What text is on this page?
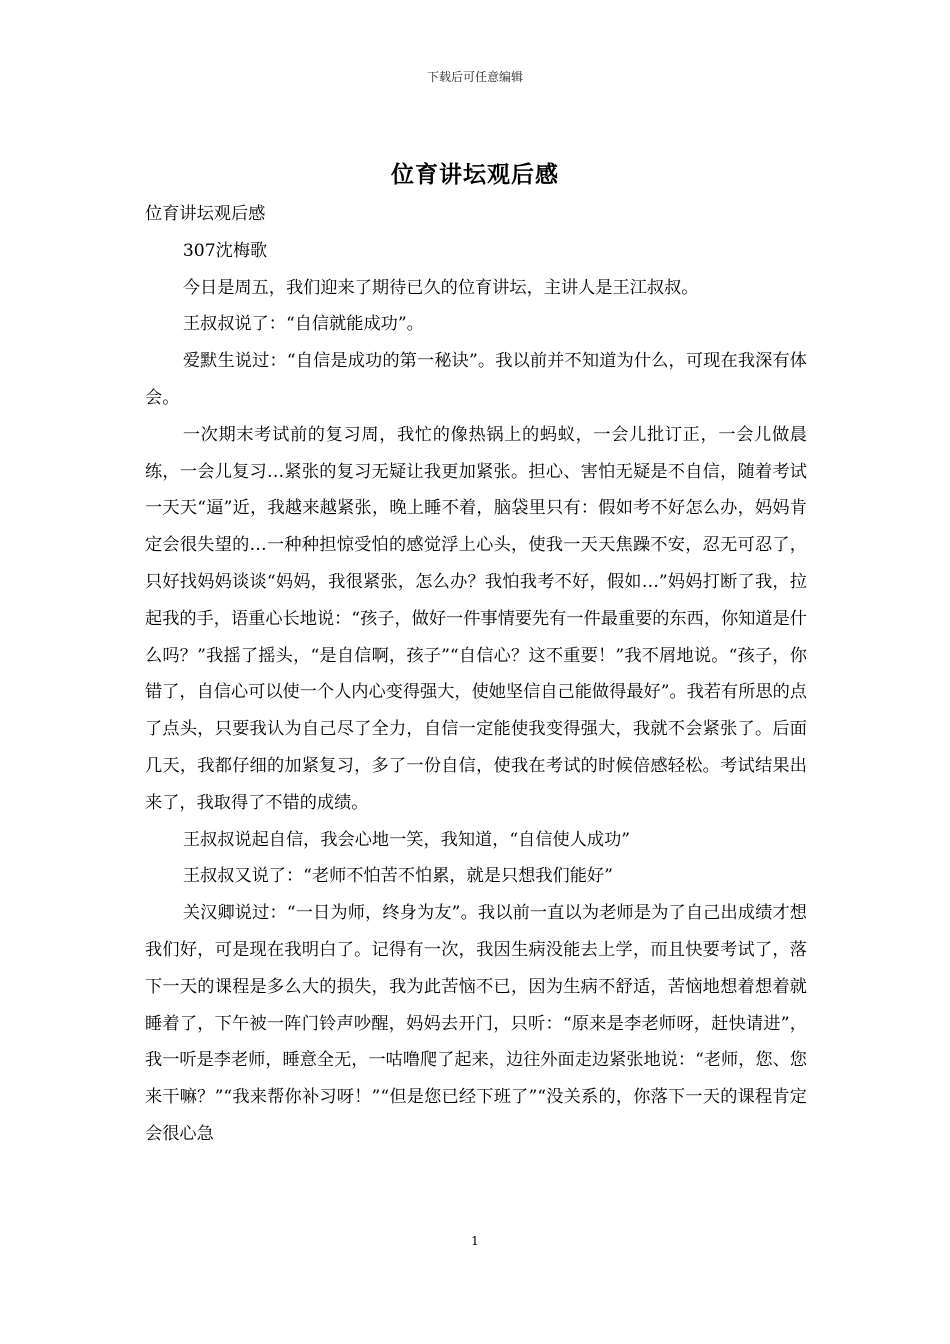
下载后可任意编辑
位育讲坛观后感

位育讲坛观后感

307沈梅歌

今日是周五，我们迎来了期待已久的位育讲坛，主讲人是王江叔叔。

王叔叔说了：“自信就能成功”。

爱默生说过：“自信是成功的第一秘诀”。我以前并不知道为什么，可现在我深有体会。

一次期末考试前的复习周，我忙的像热锅上的蚂蚁，一会儿批订正，一会儿做晨练，一会儿复习…紧张的复习无疑让我更加紧张。担心、害怕无疑是不自信，随着考试一天天“逼”近，我越来越紧张，晚上睡不着，脑袋里只有：假如考不好怎么办，妈妈肯定会很失望的…一种种担惊受怕的感觉浮上心头，使我一天天焦躁不安，忍无可忍了，只好找妈妈谈谈“妈妈，我很紧张，怎么办？我怕我考不好，假如…”妈妈打断了我，拉起我的手，语重心长地说：“孩子，做好一件事情要先有一件最重要的东西，你知道是什么吗？”我摇了摇头，“是自信啊，孩子”“自信心？这不重要！”我不屑地说。“孩子，你错了，自信心可以使一个人内心变得强大，使她坚信自己能做得最好”。我若有所思的点了点头，只要我认为自己尽了全力，自信一定能使我变得强大，我就不会紧张了。后面几天，我都仔细的加紧复习，多了一份自信，使我在考试的时候倍感轻松。考试结果出来了，我取得了不错的成绩。

王叔叔说起自信，我会心地一笑，我知道，“自信使人成功”

王叔叔又说了：“老师不怕苦不怕累，就是只想我们能好”

关汉卿说过：“一日为师，终身为友”。我以前一直以为老师是为了自己出成绩才想我们好，可是现在我明白了。记得有一次，我因生病没能去上学，而且快要考试了，落下一天的课程是多么大的损失，我为此苦恼不已，因为生病不舒适，苦恼地想着想着就睡着了，下午被一阵门铃声吵醒，妈妈去开门，只听：“原来是李老师呀，赶快请进”，我一听是李老师，睡意全无，一咕噜爬了起来，边往外面走边紧张地说：“老师，您、您来干嘛？”“我来帮你补习呀！”“但是您已经下班了”“没关系的，你落下一天的课程肯定会很心急

1
